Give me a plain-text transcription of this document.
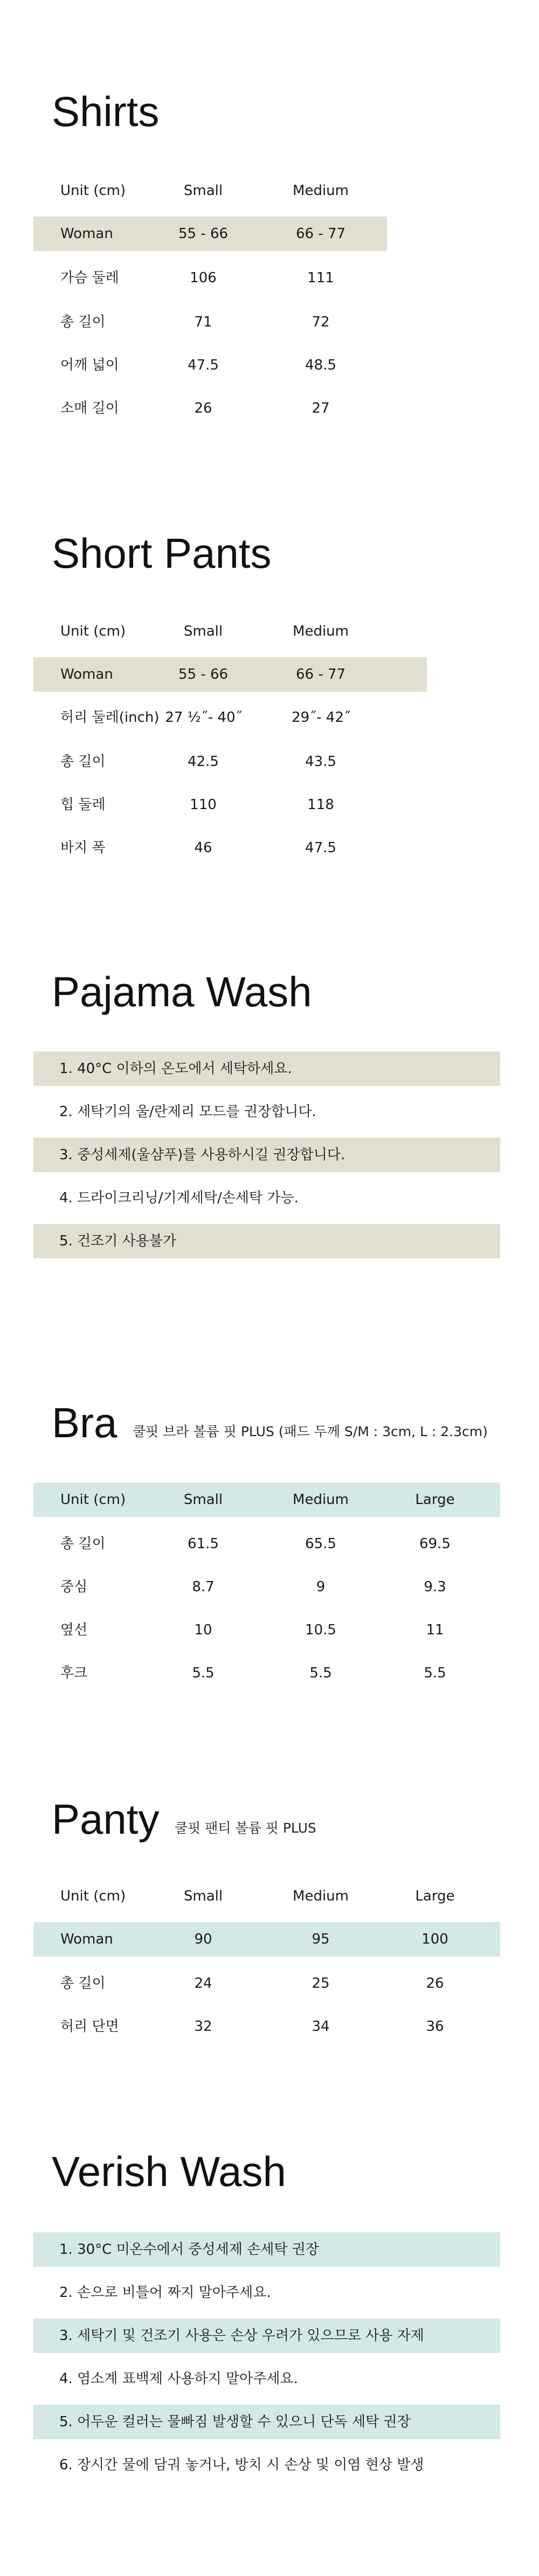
Shirts
Unit (cm)	Small	Medium
Woman	55 - 66	66 - 77
가슴 둘레	106	111
총 길이	71	72
어깨 넓이	47.5	48.5
소매 길이	26	27
Short Pants
Unit (cm)	Small	Medium
Woman	55 - 66	66 - 77
허리 둘레(inch) 27 ½˝- 40˝	29˝- 42˝
총 길이	42.5	43.5
힙 둘레	110	118
바지 폭	46	47.5
Pajama Wash
1. 40°C 이하의 온도에서 세탁하세요.
2. 세탁기의 울/란제리 모드를 권장합니다.
3. 중성세제(울샴푸)를 사용하시길 권장합니다.
4. 드라이크리닝/기계세탁/손세탁 가능.
5. 건조기 사용불가
Bra 쿨핏 브라 볼륨 핏 PLUS (패드 두께 S/M : 3cm, L : 2.3cm)

Unit (cm)	Small	Medium	Large
총 길이	61.5	65.5	69.5
중심	8.7	9	9.3
옆선	10	10.5	11
후크	5.5	5.5	5.5
Panty 쿨핏 팬티 볼륨 핏 PLUS

Unit (cm)	Small	Medium	Large
Woman	90	95	100
총 길이	24	25	26
허리 단면	32	34	36
Verish Wash
1. 30°C 미온수에서 중성세제 손세탁 권장
2. 손으로 비틀어 짜지 말아주세요.
3. 세탁기 및 건조기 사용은 손상 우려가 있으므로 사용 자제
4. 염소계 표백제 사용하지 말아주세요.
5. 어두운 컬러는 물빠짐 발생할 수 있으니 단독 세탁 권장
6. 장시간 물에 담궈 놓거나, 방치 시 손상 및 이염 현상 발생
